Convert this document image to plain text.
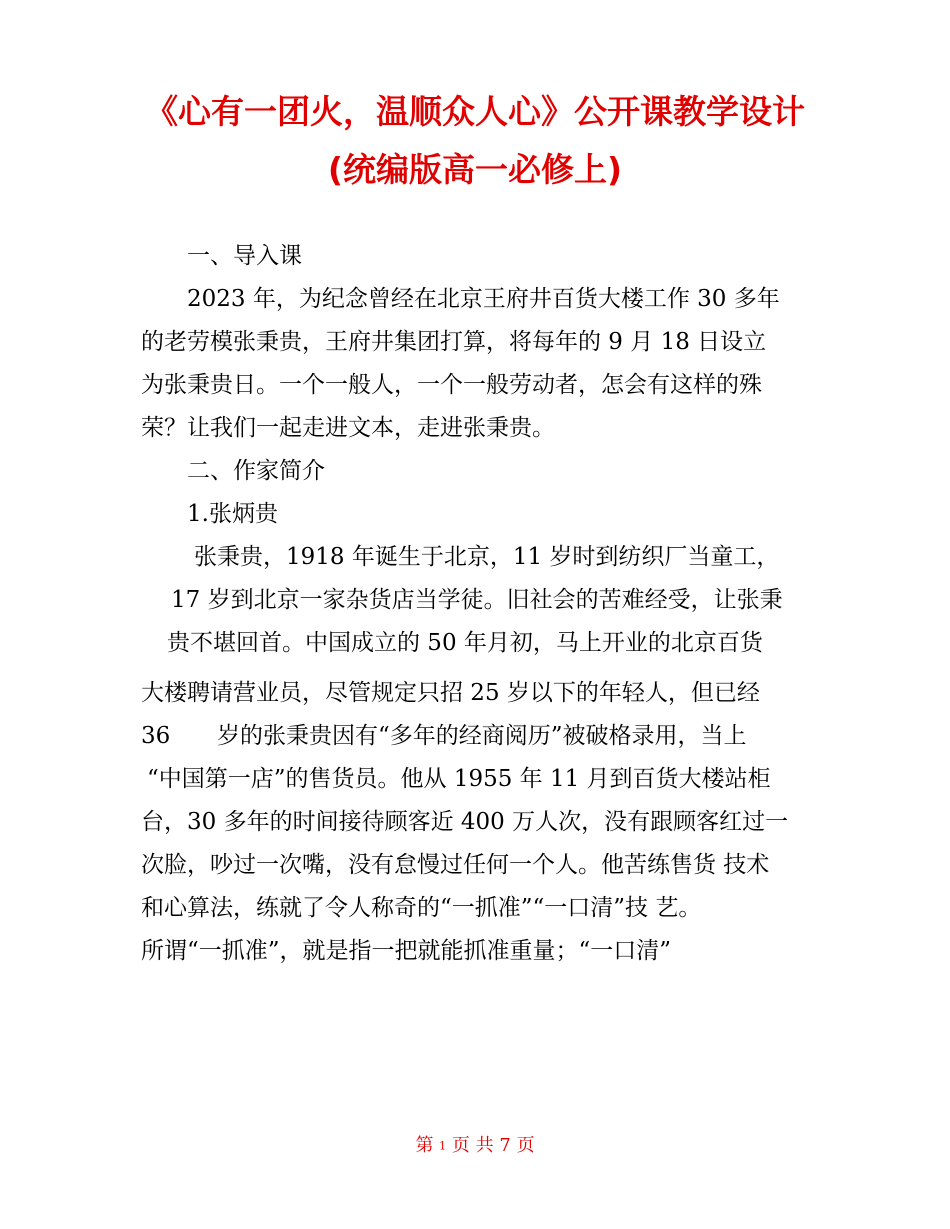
《心有一团火，温顺众人心》公开课教学设计
(统编版高一必修上)
一、导入课
2023 年，为纪念曾经在北京王府井百货大楼工作 30 多年
的老劳模张秉贵，王府井集团打算，将每年的 9 月 18 日设立
为张秉贵日。一个一般人，一个一般劳动者，怎会有这样的殊
荣？让我们一起走进文本，走进张秉贵。
二、作家简介
1.张炳贵
张秉贵，1918 年诞生于北京，11 岁时到纺织厂当童工，
17 岁到北京一家杂货店当学徒。旧社会的苦难经受，让张秉
贵不堪回首。中国成立的 50 年月初，马上开业的北京百货
大楼聘请营业员，尽管规定只招 25 岁以下的年轻人，但已经
36 岁的张秉贵因有“多年的经商阅历”被破格录用，当上
“中国第一店”的售货员。他从 1955 年 11 月到百货大楼站柜
台，30 多年的时间接待顾客近 400 万人次，没有跟顾客红过一
次脸，吵过一次嘴，没有怠慢过任何一个人。他苦练售货 技术
和心算法，练就了令人称奇的“一抓准”“一口清”技 艺。
所谓“一抓准”，就是指一把就能抓准重量；“一口清”
第 1 页 共 7 页
